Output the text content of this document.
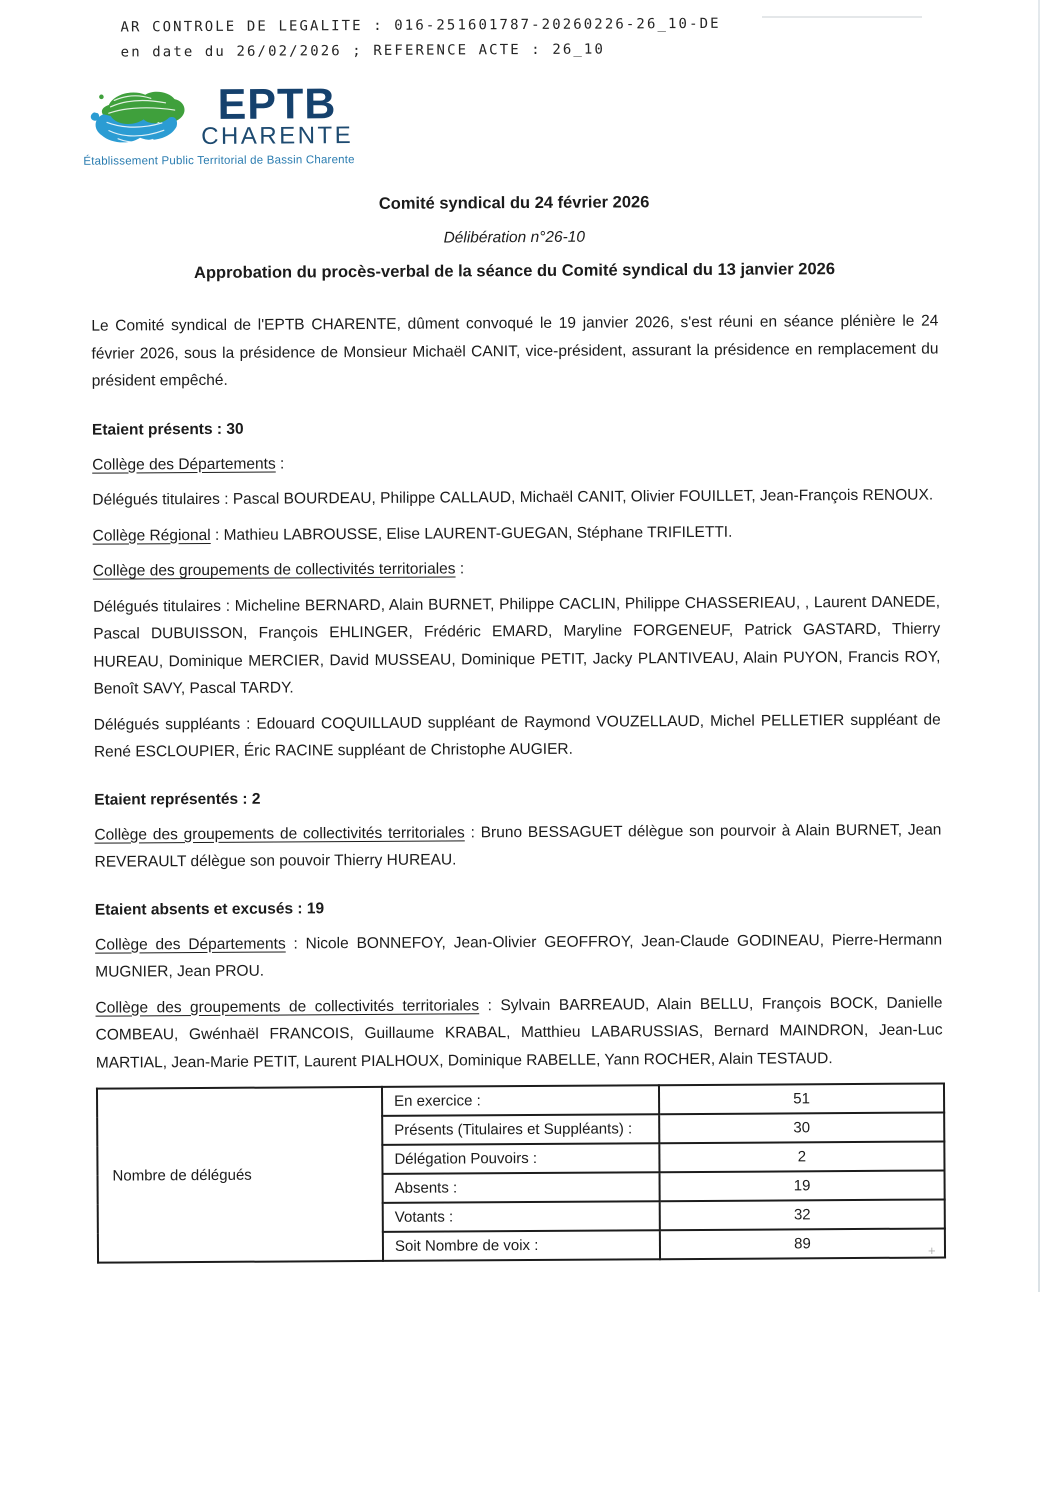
+
AR CONTROLE DE LEGALITE : 016-251601787-20260226-26_10-DE
en date du 26/02/2026 ; REFERENCE ACTE : 26_10
EPTB
CHARENTE
Établissement Public Territorial de Bassin Charente

Comité syndical du 24 février 2026

Délibération n°26-10

Approbation du procès-verbal de la séance du Comité syndical du 13 janvier 2026

Le Comité syndical de l'EPTB CHARENTE, dûment convoqué le 19 janvier 2026, s'est réuni en séance plénière le 24 février 2026, sous la présidence de Monsieur Michaël CANIT, vice-président, assurant la présidence en remplacement du président empêché.

Etaient présents : 30

Collège des Départements :

Délégués titulaires : Pascal BOURDEAU, Philippe CALLAUD, Michaël CANIT, Olivier FOUILLET, Jean-François RENOUX.

Collège Régional : Mathieu LABROUSSE, Elise LAURENT-GUEGAN, Stéphane TRIFILETTI.

Collège des groupements de collectivités territoriales :

Délégués titulaires : Micheline BERNARD, Alain BURNET, Philippe CACLIN, Philippe CHASSERIEAU, , Laurent DANEDE, Pascal DUBUISSON, François EHLINGER, Frédéric EMARD, Maryline FORGENEUF, Patrick GASTARD, Thierry HUREAU, Dominique MERCIER, David MUSSEAU, Dominique PETIT, Jacky PLANTIVEAU, Alain PUYON, Francis ROY, Benoît SAVY, Pascal TARDY.

Délégués suppléants : Edouard COQUILLAUD suppléant de Raymond VOUZELLAUD, Michel PELLETIER suppléant de René ESCLOUPIER, Éric RACINE suppléant de Christophe AUGIER.

Etaient représentés : 2

Collège des groupements de collectivités territoriales : Bruno BESSAGUET délègue son pourvoir à Alain BURNET, Jean REVERAULT délègue son pouvoir Thierry HUREAU.

Etaient absents et excusés : 19

Collège des Départements : Nicole BONNEFOY, Jean-Olivier GEOFFROY, Jean-Claude GODINEAU, Pierre-Hermann MUGNIER, Jean PROU.

Collège des groupements de collectivités territoriales : Sylvain BARREAUD, Alain BELLU, François BOCK, Danielle COMBEAU, Gwénhaël FRANCOIS, Guillaume KRABAL, Matthieu LABARUSSIAS, Bernard MAINDRON, Jean-Luc MARTIAL, Jean-Marie PETIT, Laurent PIALHOUX, Dominique RABELLE, Yann ROCHER, Alain TESTAUD.

Nombre de délégués	En exercice :	51
	Présents (Titulaires et Suppléants) :	30
	Délégation Pouvoirs :	2
	Absents :	19
	Votants :	32
	Soit Nombre de voix :	89
